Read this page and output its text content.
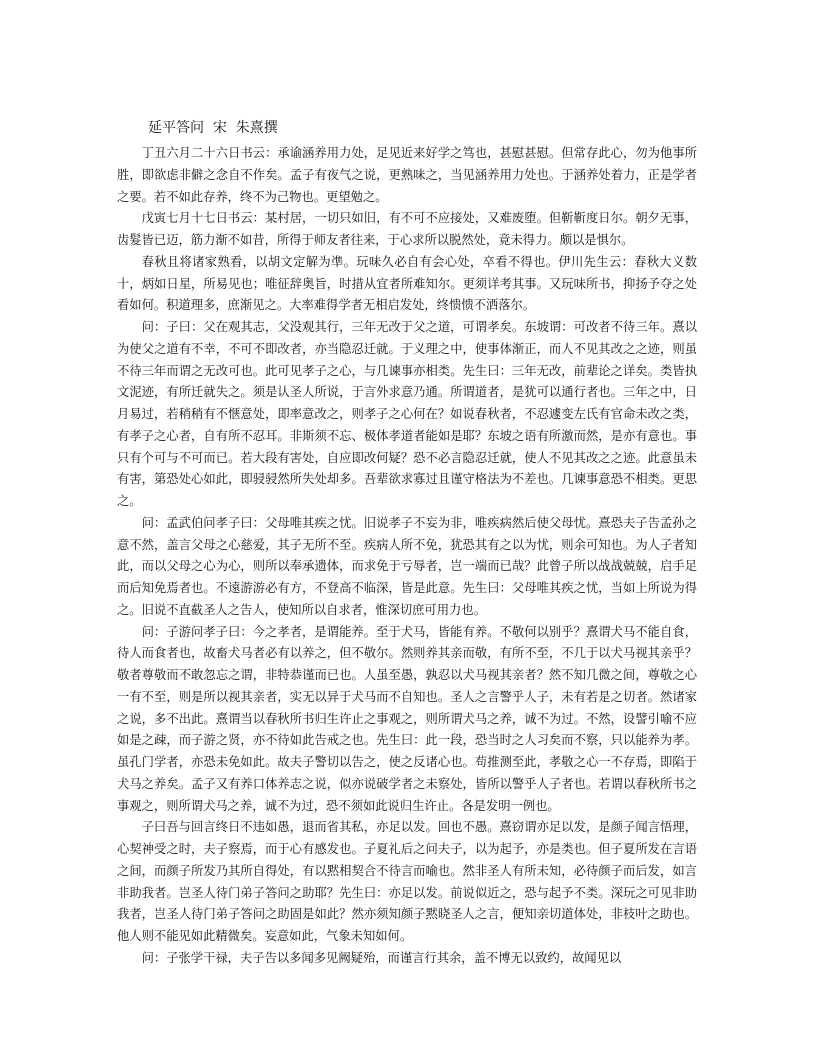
延平答问  宋  朱熹撰

丁丑六月二十六日书云：承谕涵养用力处，足见近来好学之笃也，甚慰甚慰。但常存此心，勿为他事所胜，即欲虑非僻之念自不作矣。孟子有夜气之说，更熟味之，当见涵养用力处也。于涵养处着力，正是学者之要。若不如此存养，终不为己物也。更望勉之。

戊寅七月十七日书云：某村居，一切只如旧，有不可不应接处，又难废堕。但靳靳度日尔。朝夕无事，齿髮皆已迈，筋力渐不如昔，所得于师友者往来，于心求所以脱然处，竟未得力。颇以是惧尔。

春秋且将诸家熟看，以胡文定解为凖。玩味久必自有会心处，卒看不得也。伊川先生云：春秋大义数十，炳如日星，所易见也；唯征辞奥旨，时措从宜者所难知尔。更须详考其事。又玩味所书，抑扬予夺之处看如何。积道理多，庶渐见之。大率难得学者无相启发处，终愦愦不洒落尔。

问：子曰：父在观其志，父没观其行，三年无改于父之道，可谓孝矣。东坡谓：可改者不待三年。熹以为使父之道有不幸，不可不即改者，亦当隐忍迁就。于义理之中，使事体渐正，而人不见其改之之迹，则虽不待三年而谓之无改可也。此可见孝子之心，与几谏事亦相类。先生曰：三年无改，前辈论之详矣。类皆执文泥迹，有所迁就失之。须是认圣人所说，于言外求意乃通。所谓道者，是犹可以通行者也。三年之中，日月易过，若稍稍有不惬意处，即率意改之，则孝子之心何在？如说春秋者，不忍遽变左氏有官命未改之类，有孝子之心者，自有所不忍耳。非斯须不忘、极体孝道者能如是耶？东坡之语有所激而然，是亦有意也。事只有个可与不可而已。若大段有害处，自应即改何疑？恐不必言隐忍迁就，使人不见其改之之迹。此意虽未有害，第恐处心如此，即骎骎然所失处却多。吾辈欲求寡过且谨守格法为不差也。几谏事意恐不相类。更思之。

问：孟武伯问孝子曰：父母唯其疾之忧。旧说孝子不妄为非，唯疾病然后使父母忧。熹恐夫子告孟孙之意不然，盖言父母之心慈爱，其子无所不至。疾病人所不免，犹恐其有之以为忧，则余可知也。为人子者知此，而以父母之心为心，则所以奉承遗体，而求免于亏辱者，岂一端而已哉？此曾子所以战战兢兢，启手足而后知免焉者也。不遠游游必有方，不登高不临深，皆是此意。先生曰：父母唯其疾之忧，当如上所说为得之。旧说不直截圣人之告人，使知所以自求者，惟深切庶可用力也。

问：子游问孝子曰：今之孝者，是谓能养。至于犬马，皆能有养。不敬何以别乎？熹谓犬马不能自食，待人而食者也，故畜犬马者必有以养之，但不敬尔。然则养其亲而敬，有所不至，不几于以犬马视其亲乎？敬者尊敬而不敢忽忘之谓，非特恭谨而已也。人虽至愚，孰忍以犬马视其亲者？然不知几微之间，尊敬之心一有不至，则是所以视其亲者，实无以异于犬马而不自知也。圣人之言警乎人子，未有若是之切者。然诸家之说，多不出此。熹谓当以春秋所书归生许止之事观之，则所谓犬马之养，诚不为过。不然，设譬引喻不应如是之疎，而子游之贤，亦不待如此告戒之也。先生曰：此一段，恐当时之人习矣而不察，只以能养为孝。虽孔门学者，亦恐未免如此。故夫子警切以告之，使之反诸心也。苟推测至此，孝敬之心一不存焉，即陷于犬马之养矣。孟子又有养口体养志之说，似亦说破学者之未察处，皆所以警乎人子者也。若谓以春秋所书之事观之，则所谓犬马之养，诚不为过，恐不须如此说归生许止。各是发明一例也。

子曰吾与回言终日不违如愚，退而省其私，亦足以发。回也不愚。熹窃谓亦足以发，是颜子闻言悟理，心契神受之时，夫子察焉，而于心有感发也。子夏礼后之问夫子，以为起予，亦是类也。但子夏所发在言语之间，而颜子所发乃其所自得处，有以黙相契合不待言而喻也。然非圣人有所未知，必待颜子而后发，如言非助我者。岂圣人待门弟子答问之助耶？先生曰：亦足以发。前说似近之，恐与起予不类。深玩之可见非助我者，岂圣人待门弟子答问之助固是如此？然亦须知颜子黙晓圣人之言，便知亲切道体处，非枝叶之助也。他人则不能见如此精微矣。妄意如此，气象未知如何。

问：子张学干禄，夫子告以多闻多见阙疑殆，而谨言行其余，盖不博无以致约，故闻见以
